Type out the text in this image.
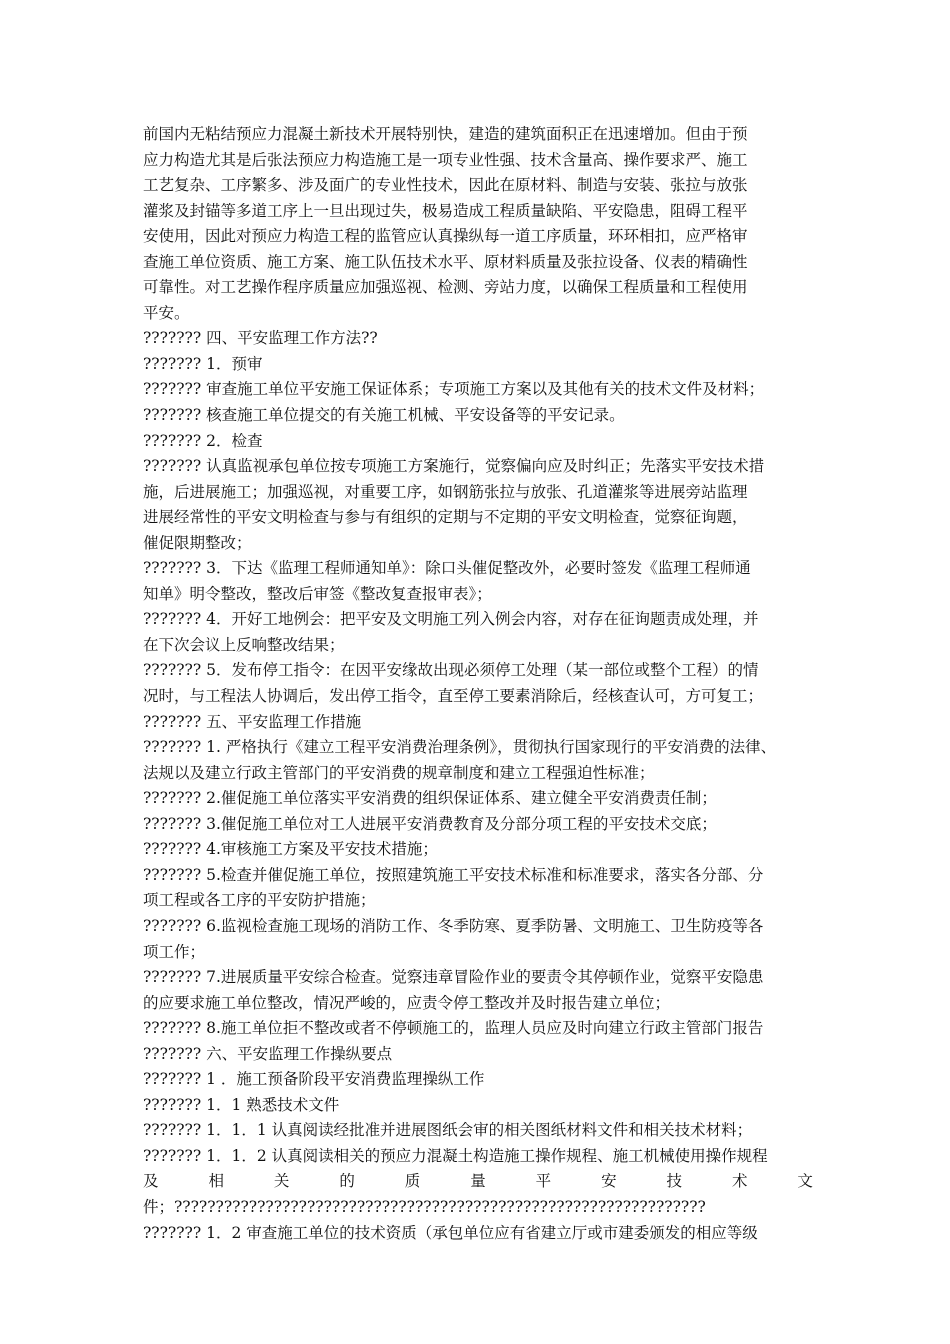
前国内无粘结预应力混凝土新技术开展特别快，建造的建筑面积正在迅速增加。但由于预
应力构造尤其是后张法预应力构造施工是一项专业性强、技术含量高、操作要求严、施工
工艺复杂、工序繁多、涉及面广的专业性技术，因此在原材料、制造与安装、张拉与放张
灌浆及封锚等多道工序上一旦出现过失，极易造成工程质量缺陷、平安隐患，阻碍工程平
安使用，因此对预应力构造工程的监管应认真操纵每一道工序质量，环环相扣，应严格审
查施工单位资质、施工方案、施工队伍技术水平、原材料质量及张拉设备、仪表的精确性
可靠性。对工艺操作程序质量应加强巡视、检测、旁站力度，以确保工程质量和工程使用
平安。
??????? 四、平安监理工作方法??
??????? 1．预审
??????? 审查施工单位平安施工保证体系；专项施工方案以及其他有关的技术文件及材料；
??????? 核查施工单位提交的有关施工机械、平安设备等的平安记录。
??????? 2．检查
??????? 认真监视承包单位按专项施工方案施行，觉察偏向应及时纠正；先落实平安技术措
施，后进展施工；加强巡视，对重要工序，如钢筋张拉与放张、孔道灌浆等进展旁站监理
进展经常性的平安文明检查与参与有组织的定期与不定期的平安文明检查，觉察征询题，
催促限期整改；
??????? 3．下达《监理工程师通知单》：除口头催促整改外，必要时签发《监理工程师通
知单》明令整改，整改后审签《整改复查报审表》；
??????? 4．开好工地例会：把平安及文明施工列入例会内容，对存在征询题责成处理，并
在下次会议上反响整改结果；
??????? 5．发布停工指令：在因平安缘故出现必须停工处理（某一部位或整个工程）的情
况时，与工程法人协调后，发出停工指令，直至停工要素消除后，经核查认可，方可复工；
??????? 五、平安监理工作措施
??????? 1. 严格执行《建立工程平安消费治理条例》，贯彻执行国家现行的平安消费的法律、
法规以及建立行政主管部门的平安消费的规章制度和建立工程强迫性标准；
??????? 2.催促施工单位落实平安消费的组织保证体系、建立健全平安消费责任制；
??????? 3.催促施工单位对工人进展平安消费教育及分部分项工程的平安技术交底；
??????? 4.审核施工方案及平安技术措施；
??????? 5.检查并催促施工单位，按照建筑施工平安技术标准和标准要求，落实各分部、分
项工程或各工序的平安防护措施；
??????? 6.监视检查施工现场的消防工作、冬季防寒、夏季防暑、文明施工、卫生防疫等各
项工作；
??????? 7.进展质量平安综合检查。觉察违章冒险作业的要责令其停顿作业，觉察平安隐患
的应要求施工单位整改，情况严峻的，应责令停工整改并及时报告建立单位；
??????? 8.施工单位拒不整改或者不停顿施工的，监理人员应及时向建立行政主管部门报告
??????? 六、平安监理工作操纵要点
??????? 1 ．施工预备阶段平安消费监理操纵工作
??????? 1．1 熟悉技术文件
??????? 1．1．1 认真阅读经批准并进展图纸会审的相关图纸材料文件和相关技术材料；
??????? 1．1．2 认真阅读相关的预应力混凝土构造施工操作规程、施工机械使用操作规程
及	相	关	的	质	量	平	安	技	术	文
件；????????????????????????????????????????????????????????????????
??????? 1．2 审查施工单位的技术资质（承包单位应有省建立厅或市建委颁发的相应等级
